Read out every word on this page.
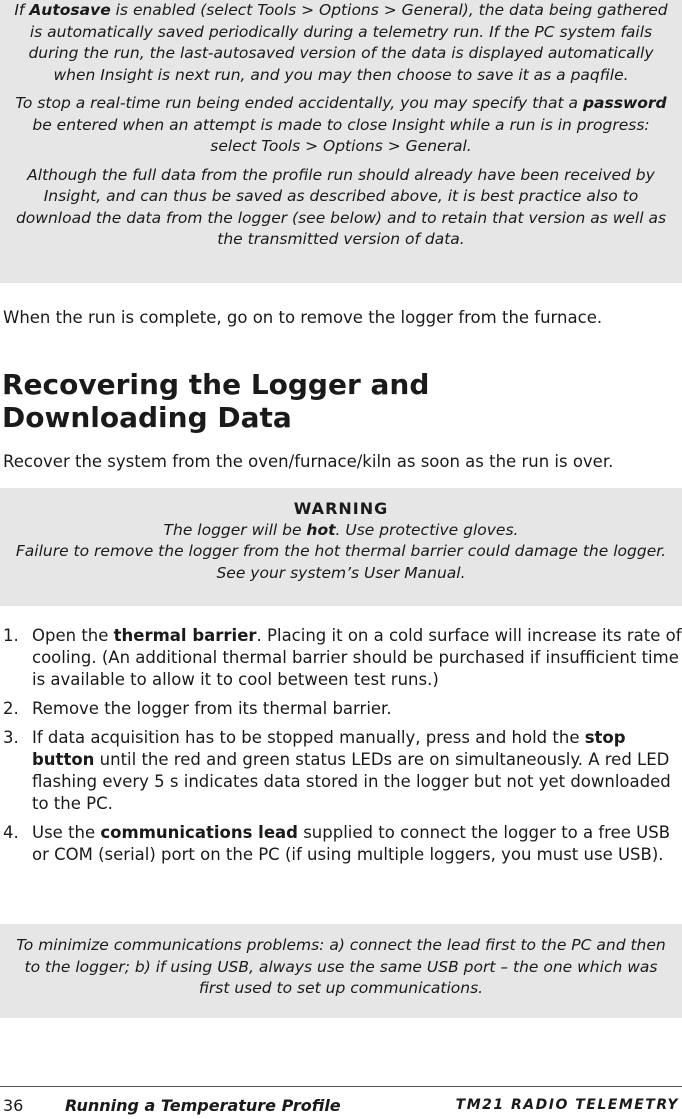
If Autosave is enabled (select Tools > Options > General), the data being gathered is automatically saved periodically during a telemetry run. If the PC system fails during the run, the last-autosaved version of the data is displayed automatically when Insight is next run, and you may then choose to save it as a paqfile.

To stop a real-time run being ended accidentally, you may specify that a password be entered when an attempt is made to close Insight while a run is in progress: select Tools > Options > General.

Although the full data from the profile run should already have been received by Insight, and can thus be saved as described above, it is best practice also to download the data from the logger (see below) and to retain that version as well as the transmitted version of data.

When the run is complete, go on to remove the logger from the furnace.
Recovering the Logger and
Downloading Data
Recover the system from the oven/furnace/kiln as soon as the run is over.

WARNING

The logger will be hot. Use protective gloves.

Failure to remove the logger from the hot thermal barrier could damage the logger.

See your system’s User Manual.

1. Open the thermal barrier. Placing it on a cold surface will increase its rate of cooling. (An additional thermal barrier should be purchased if insufficient time is available to allow it to cool between test runs.)
2. Remove the logger from its thermal barrier.
3. If data acquisition has to be stopped manually, press and hold the stop button until the red and green status LEDs are on simultaneously. A red LED flashing every 5 s indicates data stored in the logger but not yet downloaded to the PC.
4. Use the communications lead supplied to connect the logger to a free USB or COM (serial) port on the PC (if using multiple loggers, you must use USB).

To minimize communications problems: a) connect the lead first to the PC and then to the logger; b) if using USB, always use the same USB port – the one which was first used to set up communications.

36	Running a Temperature Profile	TM21 RADIO TELEMETRY
